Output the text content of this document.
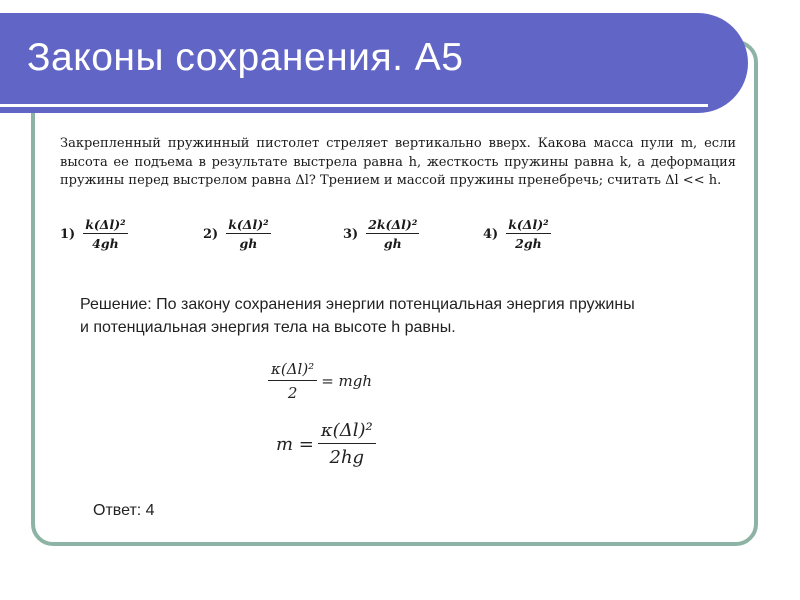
Законы сохранения. А5

Закрепленный пружинный пистолет стреляет вертикально вверх. Какова масса пули m, если высота ее подъема в результате выстрела равна h, жесткость пружины равна k, а деформация пружины перед выстрелом равна Δl? Трением и массой пружины пренебречь; считать Δl << h.

$1) \frac{\text{k(Δl)²}}{4gh}$	$2) \frac{\text{k(Δl)²}}{gh}$	$3) \frac{\text{2k(Δl)²}}{gh}$	$4) \frac{\text{k(Δl)²}}{2gh}$
Решение: По закону сохранения энергии потенциальная энергия пружины и потенциальная энергия тела на высоте h равны.
$\frac{\text{κ(Δl)²}}{2}$ = mgh
$m = \frac{\text{κ(Δl)²}}{2hg}$
Ответ: 4
